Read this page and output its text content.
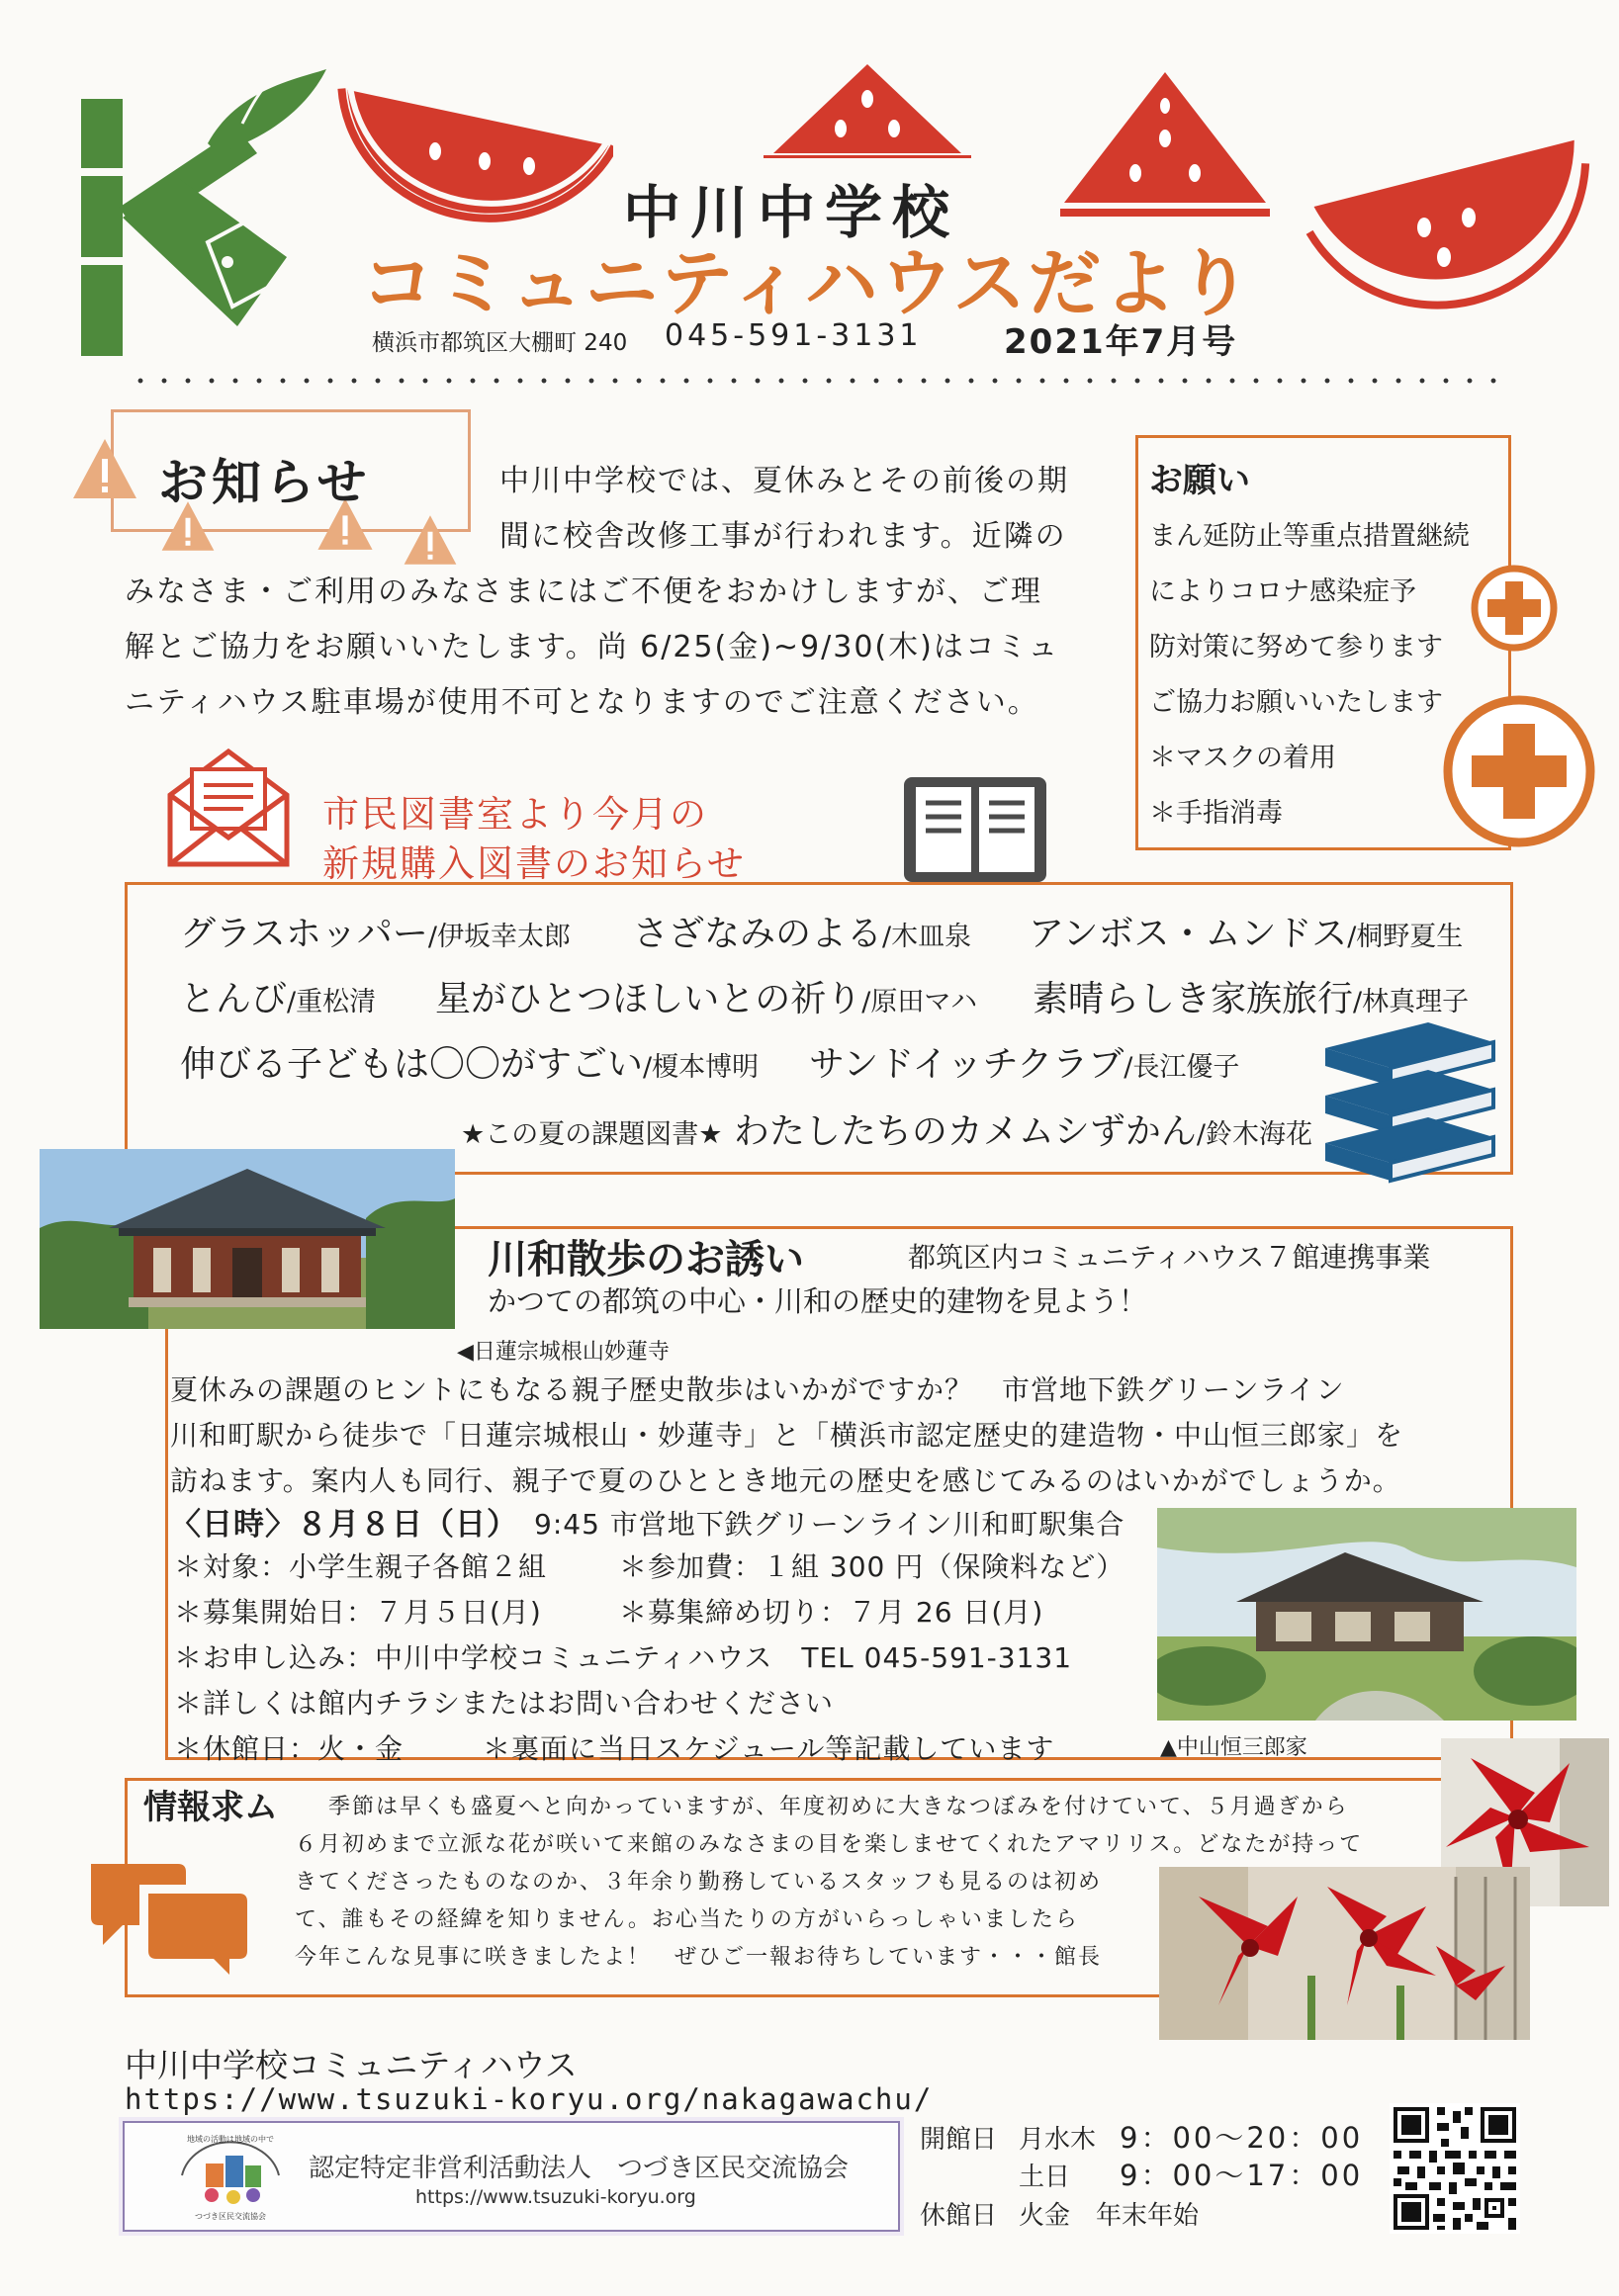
中川中学校
コミュニティハウスだより
横浜市都筑区大棚町 240 045-591-3131 2021年7月号
お知らせ	中川中学校では、夏休みとその前後の期
間に校舎改修工事が行われます。近隣の
みなさま・ご利用のみなさまにはご不便をおかけしますが、ご理
解とご協力をお願いいたします。尚 6/25(金)~9/30(木)はコミュ
ニティハウス駐車場が使用不可となりますのでご注意ください。
お願い
まん延防止等重点措置継続
によりコロナ感染症予
防対策に努めて参ります
ご協力お願いいたします
＊マスクの着用
＊手指消毒
市民図書室より今月の
新規購入図書のお知らせ
グラスホッパー/伊坂幸太郎 さざなみのよる/木皿泉 アンボス・ムンドス/桐野夏生
とんび/重松清 星がひとつほしいとの祈り/原田マハ 素晴らしき家族旅行/林真理子
伸びる子どもは〇〇がすごい/榎本博明 サンドイッチクラブ/長江優子
★この夏の課題図書★ わたしたちのカメムシずかん/鈴木海花
◀日蓮宗城根山妙蓮寺
川和散歩のお誘い	都筑区内コミュニティハウス７館連携事業
かつての都筑の中心・川和の歴史的建物を見よう！
夏休みの課題のヒントにもなる親子歴史散歩はいかがですか？　市営地下鉄グリーンライン
川和町駅から徒歩で「日蓮宗城根山・妙蓮寺」と「横浜市認定歴史的建造物・中山恒三郎家」を
訪ねます。案内人も同行、親子で夏のひととき地元の歴史を感じてみるのはいかがでしょうか。
〈日時〉８月８日（日） 9:45 市営地下鉄グリーンライン川和町駅集合
＊対象：小学生親子各館２組	＊参加費：１組 300 円（保険料など）
＊募集開始日：７月５日(月)	＊募集締め切り：７月 26 日(月)
＊お申し込み：中川中学校コミュニティハウス　TEL 045-591-3131
＊詳しくは館内チラシまたはお問い合わせください
＊休館日：火・金	＊裏面に当日スケジュール等記載しています	▲中山恒三郎家
情報求ム 季節は早くも盛夏へと向かっていますが、年度初めに大きなつぼみを付けていて、５月過ぎから
６月初めまで立派な花が咲いて来館のみなさまの目を楽しませてくれたアマリリス。どなたが持って
きてくださったものなのか、３年余り勤務しているスタッフも見るのは初め
て、誰もその経緯を知りません。お心当たりの方がいらっしゃいましたら
今年こんな見事に咲きましたよ！　ぜひご一報お待ちしています・・・館長
中川中学校コミュニティハウス
https://www.tsuzuki-koryu.org/nakagawachu/
地域の活動は地域の中で
つづき区民交流協会
認定特定非営利活動法人　つづき区民交流協会
https://www.tsuzuki-koryu.org
開館日 月水木 9：00～20：00
土日 9：00～17：00
休館日 火金　年末年始
